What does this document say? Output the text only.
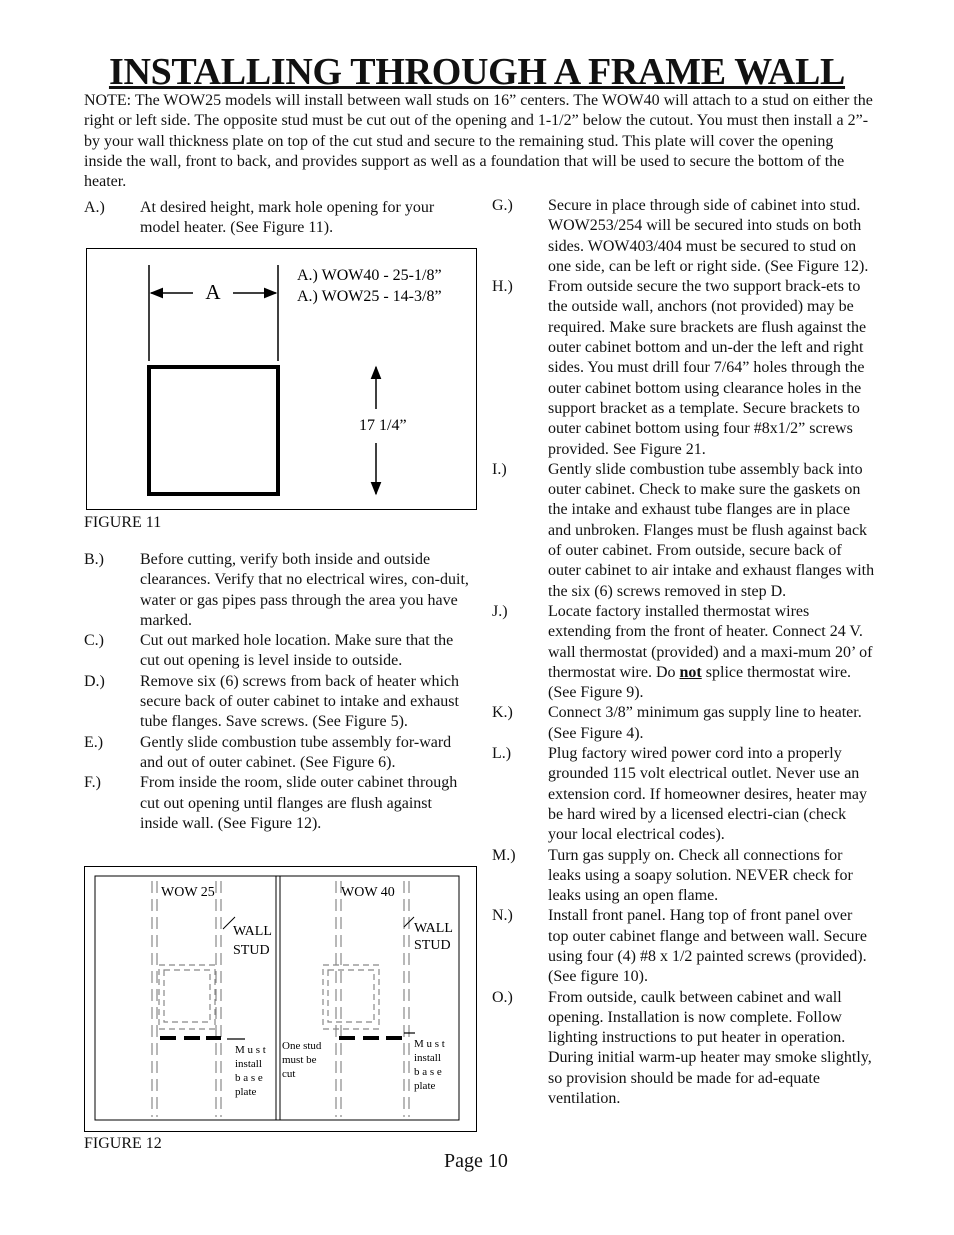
INSTALLING THROUGH A FRAME WALL

NOTE: The WOW25 models will install between wall studs on 16” centers. The WOW40 will attach to a stud on either the right or left side. The opposite stud must be cut out of the opening and 1-1/2” below the cutout. You must then install a 2”-by your wall thickness plate on top of the cut stud and secure to the remaining stud. This plate will cover the opening inside the wall, front to back, and provides support as well as a foundation that will be used to secure the bottom of the heater.

A.) At desired height, mark hole opening for your model heater. (See Figure 11).

A
17 1/4”
A.) WOW40 - 25-1/8”
A.) WOW25 - 14-3/8”

FIGURE 11

B.) Before cutting, verify both inside and outside clearances. Verify that no electrical wires, con-duit, water or gas pipes pass through the area you have marked.

C.) Cut out marked hole location. Make sure that the cut out opening is level inside to outside.

D.) Remove six (6) screws from back of heater which secure back of outer cabinet to intake and exhaust tube flanges. Save screws. (See Figure 5).

E.) Gently slide combustion tube assembly for-ward and out of outer cabinet. (See Figure 6).

F.) From inside the room, slide outer cabinet through cut out opening until flanges are flush against inside wall. (See Figure 12).

WOW 25	WOW 40
WALL
STUD
WALL
STUD
M u s t
install
b a s e
plate
One stud
must be
cut
M u s t
install
b a s e
plate

FIGURE 12

G.) Secure in place through side of cabinet into stud. WOW253/254 will be secured into studs on both sides. WOW403/404 must be secured to stud on one side, can be left or right side. (See Figure 12).

H.) From outside secure the two support brack-ets to the outside wall, anchors (not provided) may be required. Make sure brackets are flush against the outer cabinet bottom and un-der the left and right sides. You must drill four 7/64” holes through the outer cabinet bottom using clearance holes in the support bracket as a template. Secure brackets to outer cabinet bottom using four #8x1/2” screws provided. See Figure 21.

I.)	Gently slide combustion tube assembly back into outer cabinet. Check to make sure the gaskets on the intake and exhaust tube flanges are in place and unbroken. Flanges must be flush against back of outer cabinet. From outside, secure back of outer cabinet to air intake and exhaust flanges with the six (6) screws removed in step D.

J.)	Locate factory installed thermostat wires extending from the front of heater. Connect 24 V. wall thermostat (provided) and a maxi-mum 20’ of thermostat wire. Do not splice thermostat wire. (See Figure 9).

K.) Connect 3/8” minimum gas supply line to heater. (See Figure 4).

L.) Plug factory wired power cord into a properly grounded 115 volt electrical outlet. Never use an extension cord. If homeowner desires, heater may be hard wired by a licensed electri-cian (check your local electrical codes).

M.) Turn gas supply on. Check all connections for leaks using a soapy solution. NEVER check for leaks using an open flame.

N.) Install front panel. Hang top of front panel over top outer cabinet flange and between wall. Secure using four (4) #8 x 1/2 painted screws (provided). (See figure 10).

O.) From outside, caulk between cabinet and wall opening. Installation is now complete. Follow lighting instructions to put heater in operation. During initial warm-up heater may smoke slightly, so provision should be made for ad-equate ventilation.

Page 10
